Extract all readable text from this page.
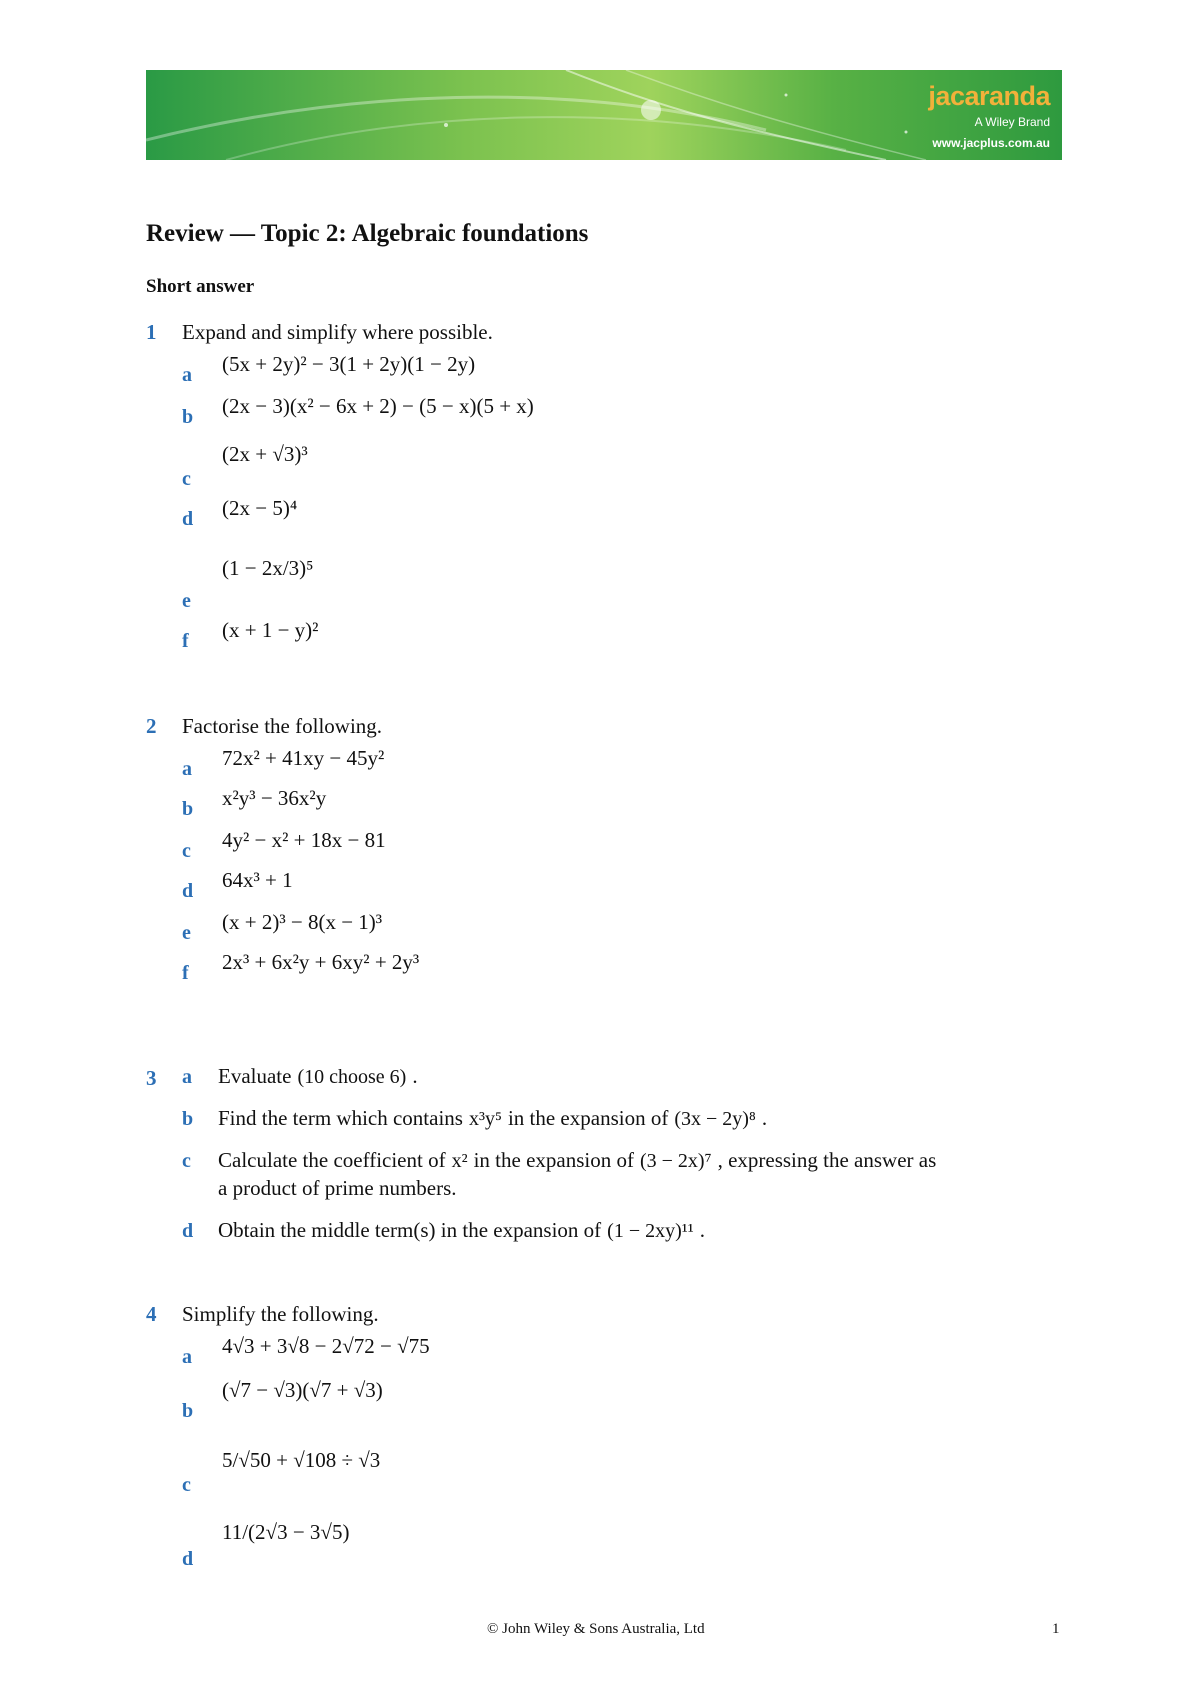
jacaranda
A Wiley Brand
www.jacplus.com.au
Review — Topic 2: Algebraic foundations
Short answer
1 Expand and simplify where possible.
a (5x + 2y)² − 3(1 + 2y)(1 − 2y)
b (2x − 3)(x² − 6x + 2) − (5 − x)(5 + x)
c
(2x + √3)³
d (2x − 5)⁴
e
(1 − 2x/3)⁵
f (x + 1 − y)²
2 Factorise the following.
a 72x² + 41xy − 45y²
b x²y³ − 36x²y
c 4y² − x² + 18x − 81
d 64x³ + 1
e (x + 2)³ − 8(x − 1)³
f 2x³ + 6x²y + 6xy² + 2y³
3 a Evaluate (10 choose 6) .
b Find the term which contains x³y⁵ in the expansion of (3x − 2y)⁸ .
c Calculate the coefficient of x² in the expansion of (3 − 2x)⁷ , expressing the answer as
a product of prime numbers.
d Obtain the middle term(s) in the expansion of (1 − 2xy)¹¹ .
4 Simplify the following.
a 4√3 + 3√8 − 2√72 − √75
b
(√7 − √3)(√7 + √3)
c
5/√50 + √108 ÷ √3
d
11/(2√3 − 3√5)
© John Wiley & Sons Australia, Ltd	1
